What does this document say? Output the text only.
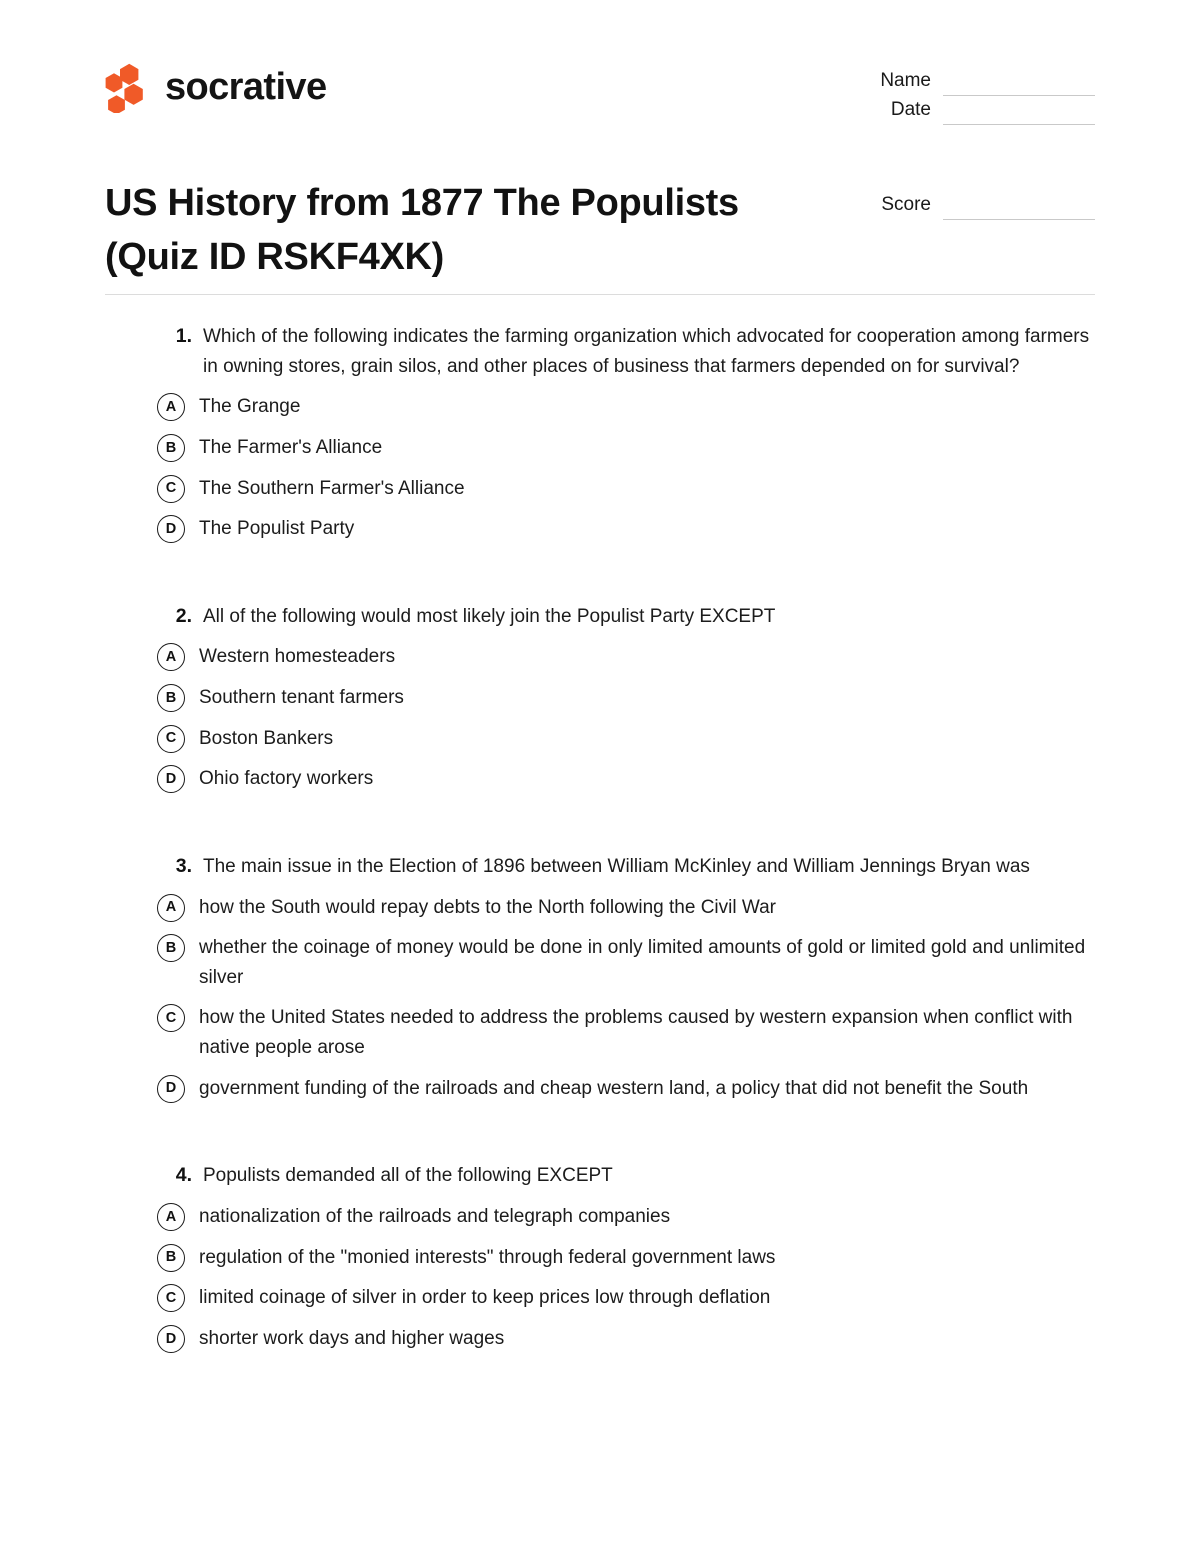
socrative	Name
Date
Score
US History from 1877 The Populists (Quiz ID RSKF4XK)
1. Which of the following indicates the farming organization which advocated for cooperation among farmers in owning stores, grain silos, and other places of business that farmers depended on for survival?
A	The Grange
B	The Farmer's Alliance
C	The Southern Farmer's Alliance
D	The Populist Party
2. All of the following would most likely join the Populist Party EXCEPT
A	Western homesteaders
B	Southern tenant farmers
C	Boston Bankers
D	Ohio factory workers
3. The main issue in the Election of 1896 between William McKinley and William Jennings Bryan was
A	how the South would repay debts to the North following the Civil War
B	whether the coinage of money would be done in only limited amounts of gold or limited gold and unlimited silver
C	how the United States needed to address the problems caused by western expansion when conflict with native people arose
D	government funding of the railroads and cheap western land, a policy that did not benefit the South
4. Populists demanded all of the following EXCEPT
A	nationalization of the railroads and telegraph companies
B	regulation of the "monied interests" through federal government laws
C	limited coinage of silver in order to keep prices low through deflation
D	shorter work days and higher wages
